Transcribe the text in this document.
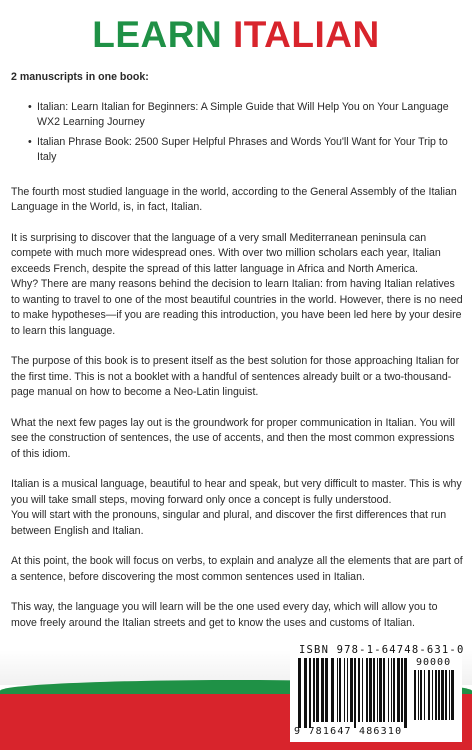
LEARN ITALIAN

2 manuscripts in one book:

• Italian: Learn Italian for Beginners: A Simple Guide that Will Help You on Your Language WX2 Learning Journey
• Italian Phrase Book: 2500 Super Helpful Phrases and Words You'll Want for Your Trip to Italy

The fourth most studied language in the world, according to the General Assembly of the Italian Language in the World, is, in fact, Italian.

It is surprising to discover that the language of a very small Mediterranean peninsula can compete with much more widespread ones. With over two million scholars each year, Italian exceeds French, despite the spread of this latter language in Africa and North America.

Why? There are many reasons behind the decision to learn Italian: from having Italian relatives to wanting to travel to one of the most beautiful countries in the world. However, there is no need to make hypotheses—if you are reading this introduction, you have been led here by your desire to learn this language.

The purpose of this book is to present itself as the best solution for those approaching Italian for the first time. This is not a booklet with a handful of sentences already built or a two-thousand-page manual on how to become a Neo-Latin linguist.

What the next few pages lay out is the groundwork for proper communication in Italian. You will see the construction of sentences, the use of accents, and then the most common expressions of this idiom.

Italian is a musical language, beautiful to hear and speak, but very difficult to master. This is why you will take small steps, moving forward only once a concept is fully understood.

You will start with the pronouns, singular and plural, and discover the first differences that run between English and Italian.

At this point, the book will focus on verbs, to explain and analyze all the elements that are part of a sentence, before discovering the most common sentences used in Italian.

This way, the language you will learn will be the one used every day, which will allow you to move freely around the Italian streets and get to know the uses and customs of Italian.

ISBN 978-1-64748-631-0
90000
9 781647 486310
